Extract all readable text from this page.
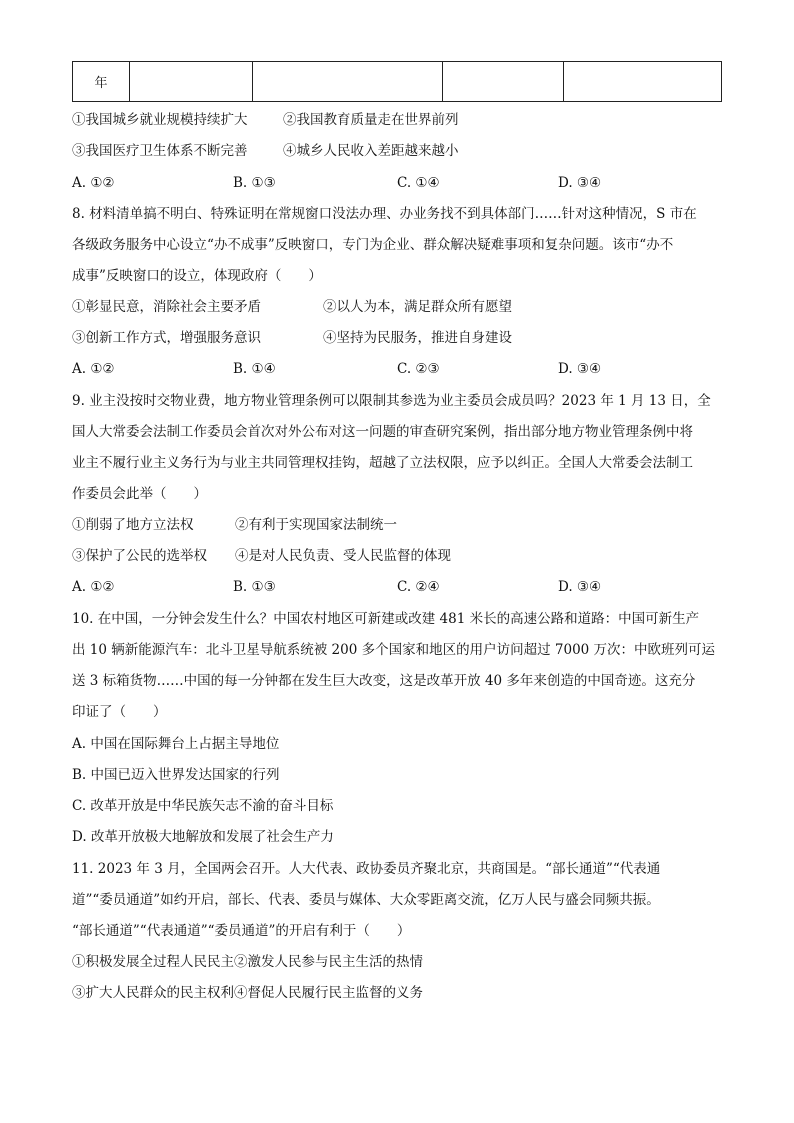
年				
①我国城乡就业规模持续扩大	②我国教育质量走在世界前列
③我国医疗卫生体系不断完善	④城乡人民收入差距越来越小
A. ①②	B. ①③	C. ①④	D. ③④
8. 材料清单搞不明白、特殊证明在常规窗口没法办理、办业务找不到具体部门……针对这种情况，S 市在
各级政务服务中心设立“办不成事”反映窗口，专门为企业、群众解决疑难事项和复杂问题。该市“办不
成事”反映窗口的设立，体现政府（　　）
①彰显民意，消除社会主要矛盾	②以人为本，满足群众所有愿望
③创新工作方式，增强服务意识	④坚持为民服务，推进自身建设
A. ①②	B. ①④	C. ②③	D. ③④
9. 业主没按时交物业费，地方物业管理条例可以限制其参选为业主委员会成员吗？2023 年 1 月 13 日，全
国人大常委会法制工作委员会首次对外公布对这一问题的审查研究案例，指出部分地方物业管理条例中将
业主不履行业主义务行为与业主共同管理权挂钩，超越了立法权限，应予以纠正。全国人大常委会法制工
作委员会此举（　　）
①削弱了地方立法权	②有利于实现国家法制统一
③保护了公民的选举权 ④是对人民负责、受人民监督的体现
A. ①②	B. ①③	C. ②④	D. ③④
10. 在中国，一分钟会发生什么？中国农村地区可新建或改建 481 米长的高速公路和道路：中国可新生产
出 10 辆新能源汽车：北斗卫星导航系统被 200 多个国家和地区的用户访问超过 7000 万次：中欧班列可运
送 3 标箱货物……中国的每一分钟都在发生巨大改变，这是改革开放 40 多年来创造的中国奇迹。这充分
印证了（　　）
A. 中国在国际舞台上占据主导地位
B. 中国已迈入世界发达国家的行列
C. 改革开放是中华民族矢志不渝的奋斗目标
D. 改革开放极大地解放和发展了社会生产力
11. 2023 年 3 月，全国两会召开。人大代表、政协委员齐聚北京，共商国是。“部长通道”“代表通
道”“委员通道”如约开启，部长、代表、委员与媒体、大众零距离交流，亿万人民与盛会同频共振。
“部长通道”“代表通道”“委员通道”的开启有利于（　　）
①积极发展全过程人民民主②激发人民参与民主生活的热情
③扩大人民群众的民主权利④督促人民履行民主监督的义务
